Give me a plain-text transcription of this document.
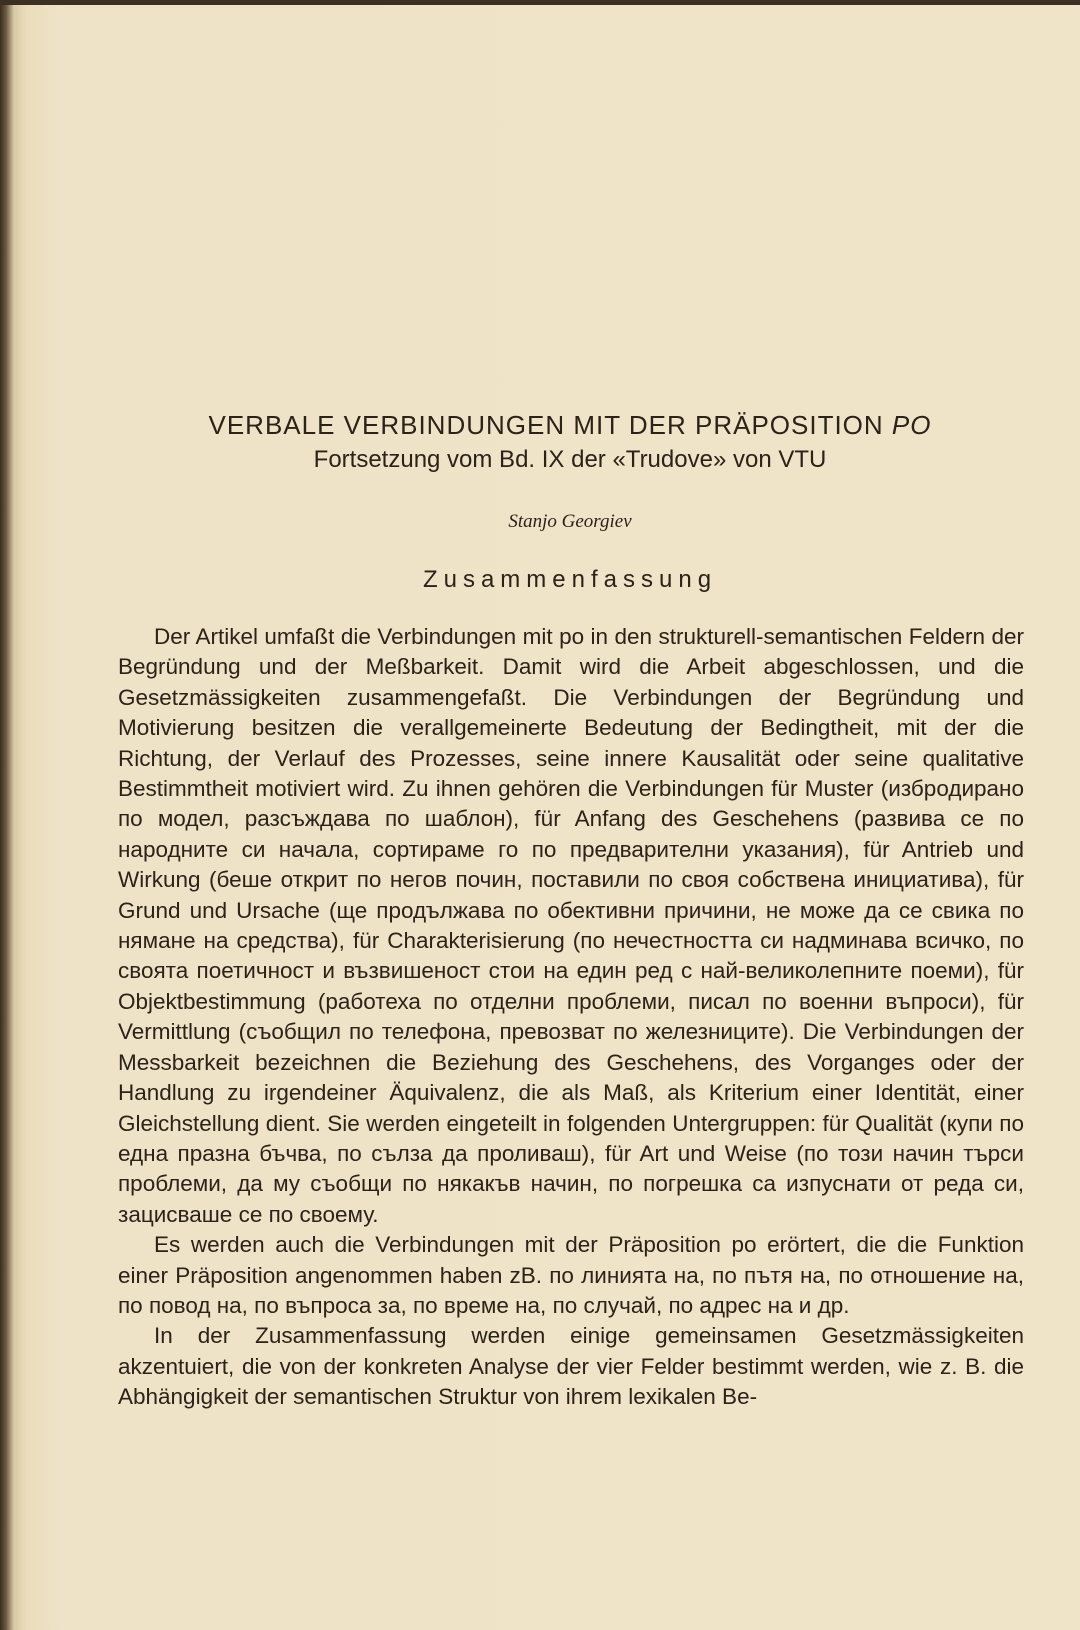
VERBALE VERBINDUNGEN MIT DER PRÄPOSITION PO
Fortsetzung vom Bd. IX der «Trudove» von VTU
Stanjo Georgiev
Zusammenfassung

Der Artikel umfaßt die Verbindungen mit po in den strukturell-semantischen Feldern der Begründung und der Meßbarkeit. Damit wird die Arbeit abgeschlossen, und die Gesetzmässigkeiten zusammengefaßt. Die Verbindungen der Begründung und Motivierung besitzen die verallgemeinerte Bedeutung der Bedingtheit, mit der die Richtung, der Verlauf des Prozesses, seine innere Kausalität oder seine qualitative Bestimmtheit motiviert wird. Zu ihnen gehören die Verbindungen für Muster (избродирано по модел, разсъждава по шаблон), für Anfang des Geschehens (развива се по народните си начала, сортираме го по предварителни указания), für Antrieb und Wirkung (беше открит по негов почин, поставили по своя собствена инициатива), für Grund und Ursache (ще продължава по обективни причини, не може да се свика по нямане на средства), für Charakterisierung (по нечестността си надминава всичко, по своята поетичност и възвишеност стои на един ред с най-великолепните поеми), für Objektbestimmung (работеха по отделни проблеми, писал по военни въпроси), für Vermittlung (съобщил по телефона, превозват по железниците). Die Verbindungen der Messbarkeit bezeichnen die Beziehung des Geschehens, des Vorganges oder der Handlung zu irgendeiner Äquivalenz, die als Maß, als Kriterium einer Identität, einer Gleichstellung dient. Sie werden eingeteilt in folgenden Untergruppen: für Qualität (купи по една празна бъчва, по сълза да проливаш), für Art und Weise (по този начин търси проблеми, да му съобщи по някакъв начин, по погрешка са изпуснати от реда си, зацисваше се по своему.

Es werden auch die Verbindungen mit der Präposition po erörtert, die die Funktion einer Präposition angenommen haben zB. по линията на, по пътя на, по отношение на, по повод на, по въпроса за, по време на, по случай, по адрес на и др.

In der Zusammenfassung werden einige gemeinsamen Gesetzmässigkeiten akzentuiert, die von der konkreten Analyse der vier Felder bestimmt werden, wie z. B. die Abhängigkeit der semantischen Struktur von ihrem lexikalen Be-
